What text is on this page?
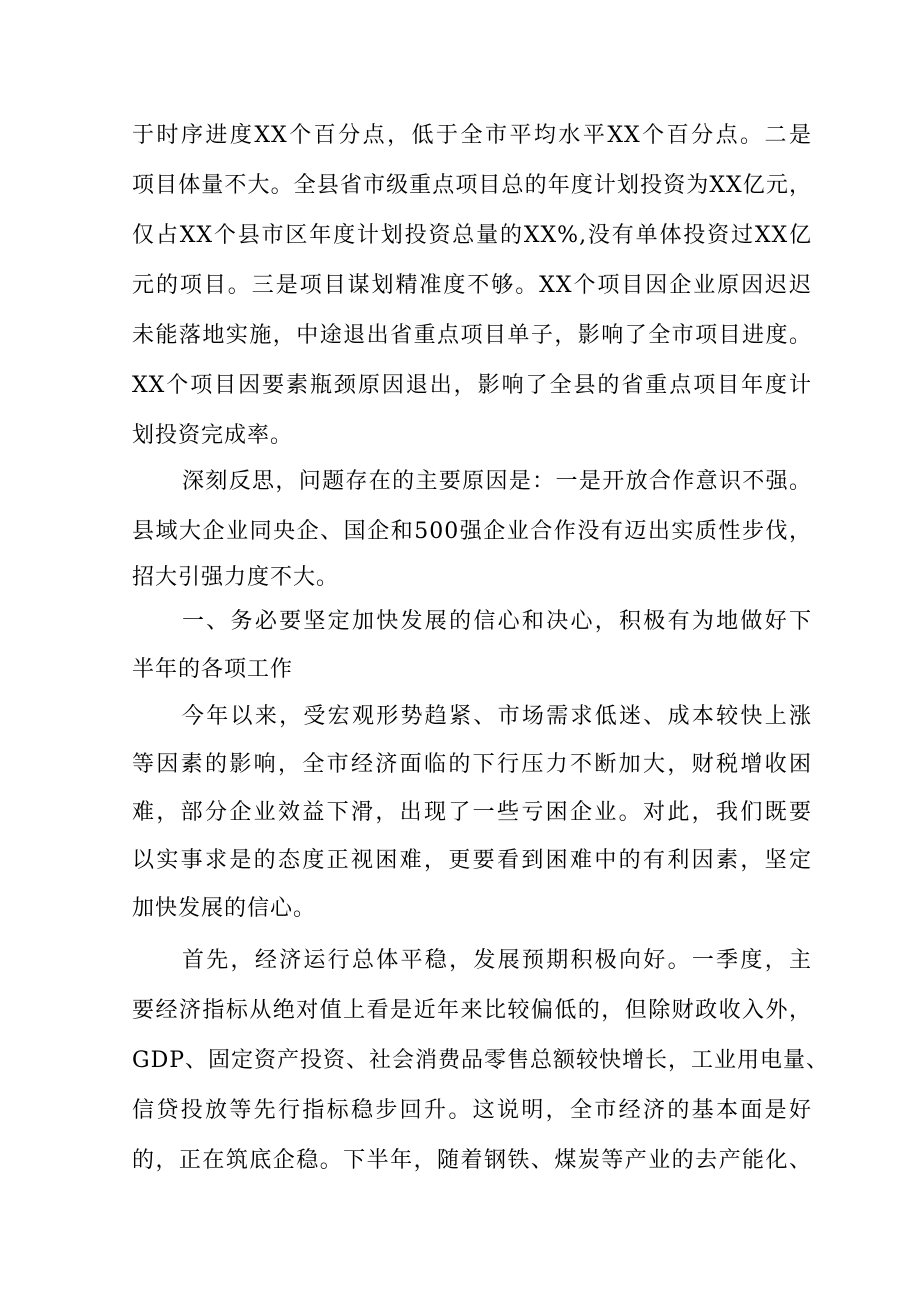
于时序进度XX个百分点，低于全市平均水平XX个百分点。二是
项目体量不大。全县省市级重点项目总的年度计划投资为XX亿元，
仅占XX个县市区年度计划投资总量的XX%,没有单体投资过XX亿
元的项目。三是项目谋划精准度不够。XX个项目因企业原因迟迟
未能落地实施，中途退出省重点项目单子，影响了全市项目进度。
XX个项目因要素瓶颈原因退出，影响了全县的省重点项目年度计
划投资完成率。
深刻反思，问题存在的主要原因是：一是开放合作意识不强。
县域大企业同央企、国企和500强企业合作没有迈出实质性步伐，
招大引强力度不大。
一、务必要坚定加快发展的信心和决心，积极有为地做好下
半年的各项工作
今年以来，受宏观形势趋紧、市场需求低迷、成本较快上涨
等因素的影响，全市经济面临的下行压力不断加大，财税增收困
难，部分企业效益下滑，出现了一些亏困企业。对此，我们既要
以实事求是的态度正视困难，更要看到困难中的有利因素，坚定
加快发展的信心。
首先，经济运行总体平稳，发展预期积极向好。一季度，主
要经济指标从绝对值上看是近年来比较偏低的，但除财政收入外，
GDP、固定资产投资、社会消费品零售总额较快增长，工业用电量、
信贷投放等先行指标稳步回升。这说明，全市经济的基本面是好
的，正在筑底企稳。下半年，随着钢铁、煤炭等产业的去产能化、
